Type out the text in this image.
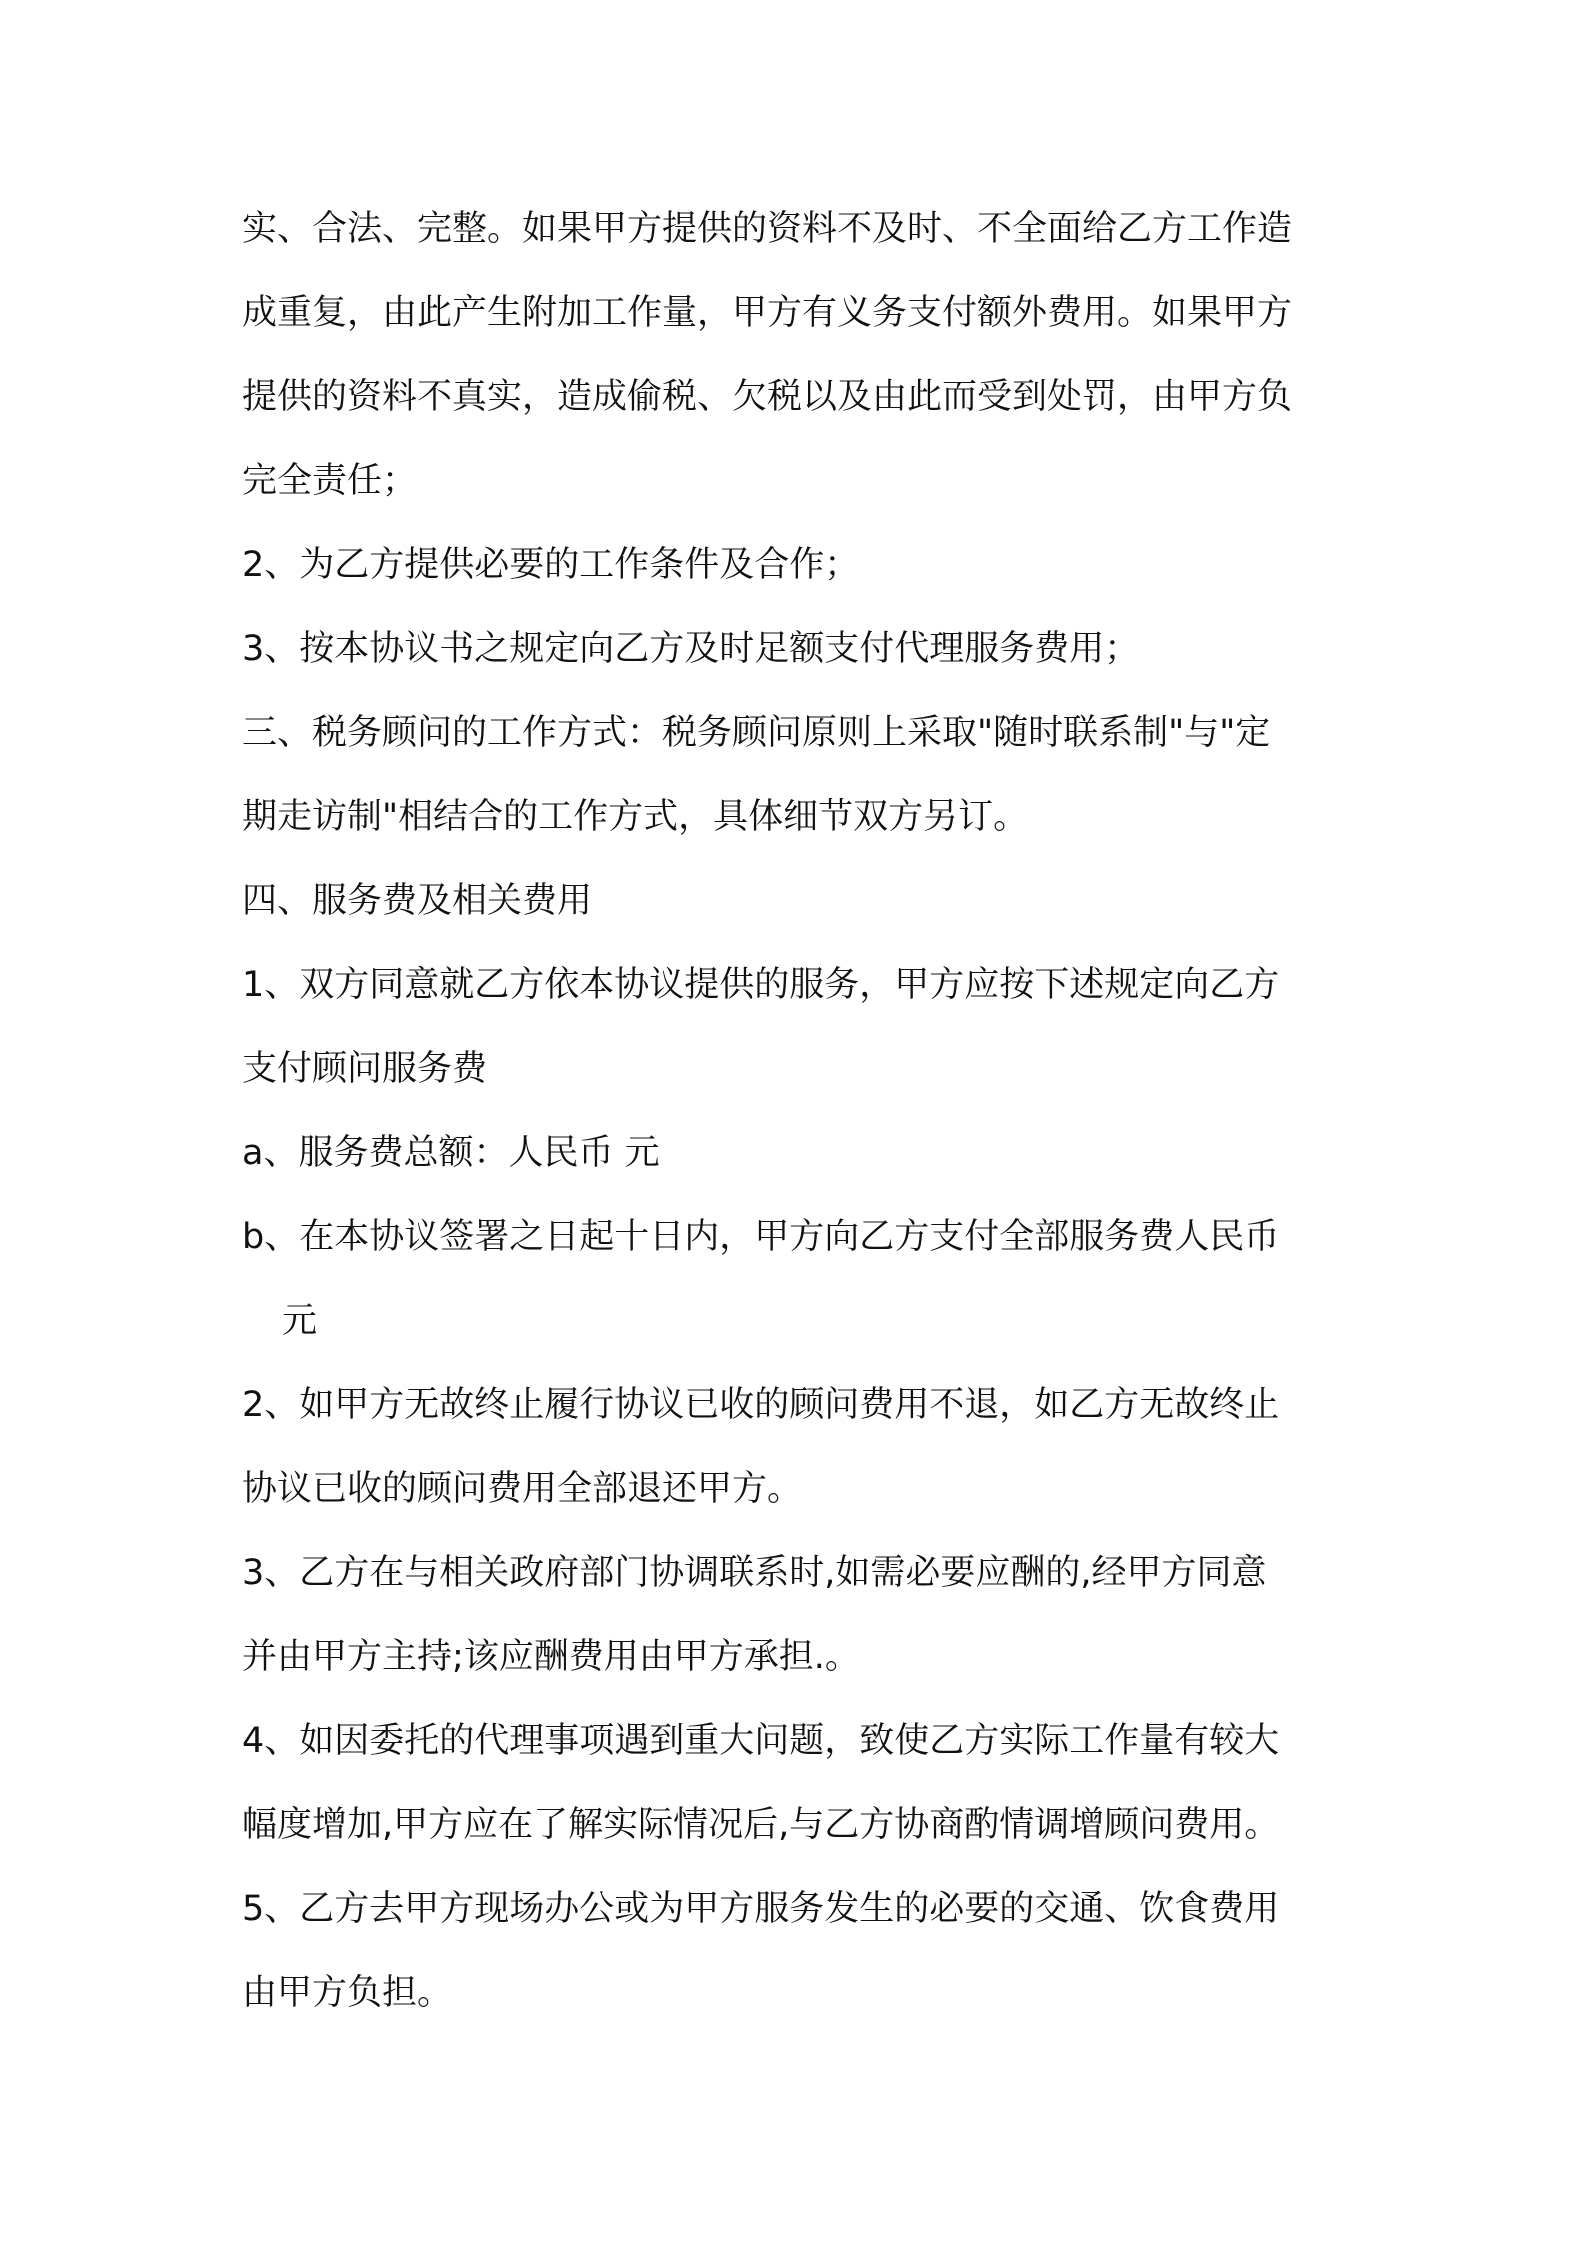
实、合法、完整。如果甲方提供的资料不及时、不全面给乙方工作造
成重复，由此产生附加工作量，甲方有义务支付额外费用。如果甲方
提供的资料不真实，造成偷税、欠税以及由此而受到处罚，由甲方负
完全责任；
2、为乙方提供必要的工作条件及合作；
3、按本协议书之规定向乙方及时足额支付代理服务费用；
三、税务顾问的工作方式：税务顾问原则上采取"随时联系制"与"定
期走访制"相结合的工作方式，具体细节双方另订。
四、服务费及相关费用
1、双方同意就乙方依本协议提供的服务，甲方应按下述规定向乙方
支付顾问服务费
a、服务费总额：人民币 元
b、在本协议签署之日起十日内，甲方向乙方支付全部服务费人民币
元
2、如甲方无故终止履行协议已收的顾问费用不退，如乙方无故终止
协议已收的顾问费用全部退还甲方。
3、乙方在与相关政府部门协调联系时,如需必要应酬的,经甲方同意
并由甲方主持;该应酬费用由甲方承担.。
4、如因委托的代理事项遇到重大问题，致使乙方实际工作量有较大
幅度增加,甲方应在了解实际情况后,与乙方协商酌情调增顾问费用。
5、乙方去甲方现场办公或为甲方服务发生的必要的交通、饮食费用
由甲方负担。
